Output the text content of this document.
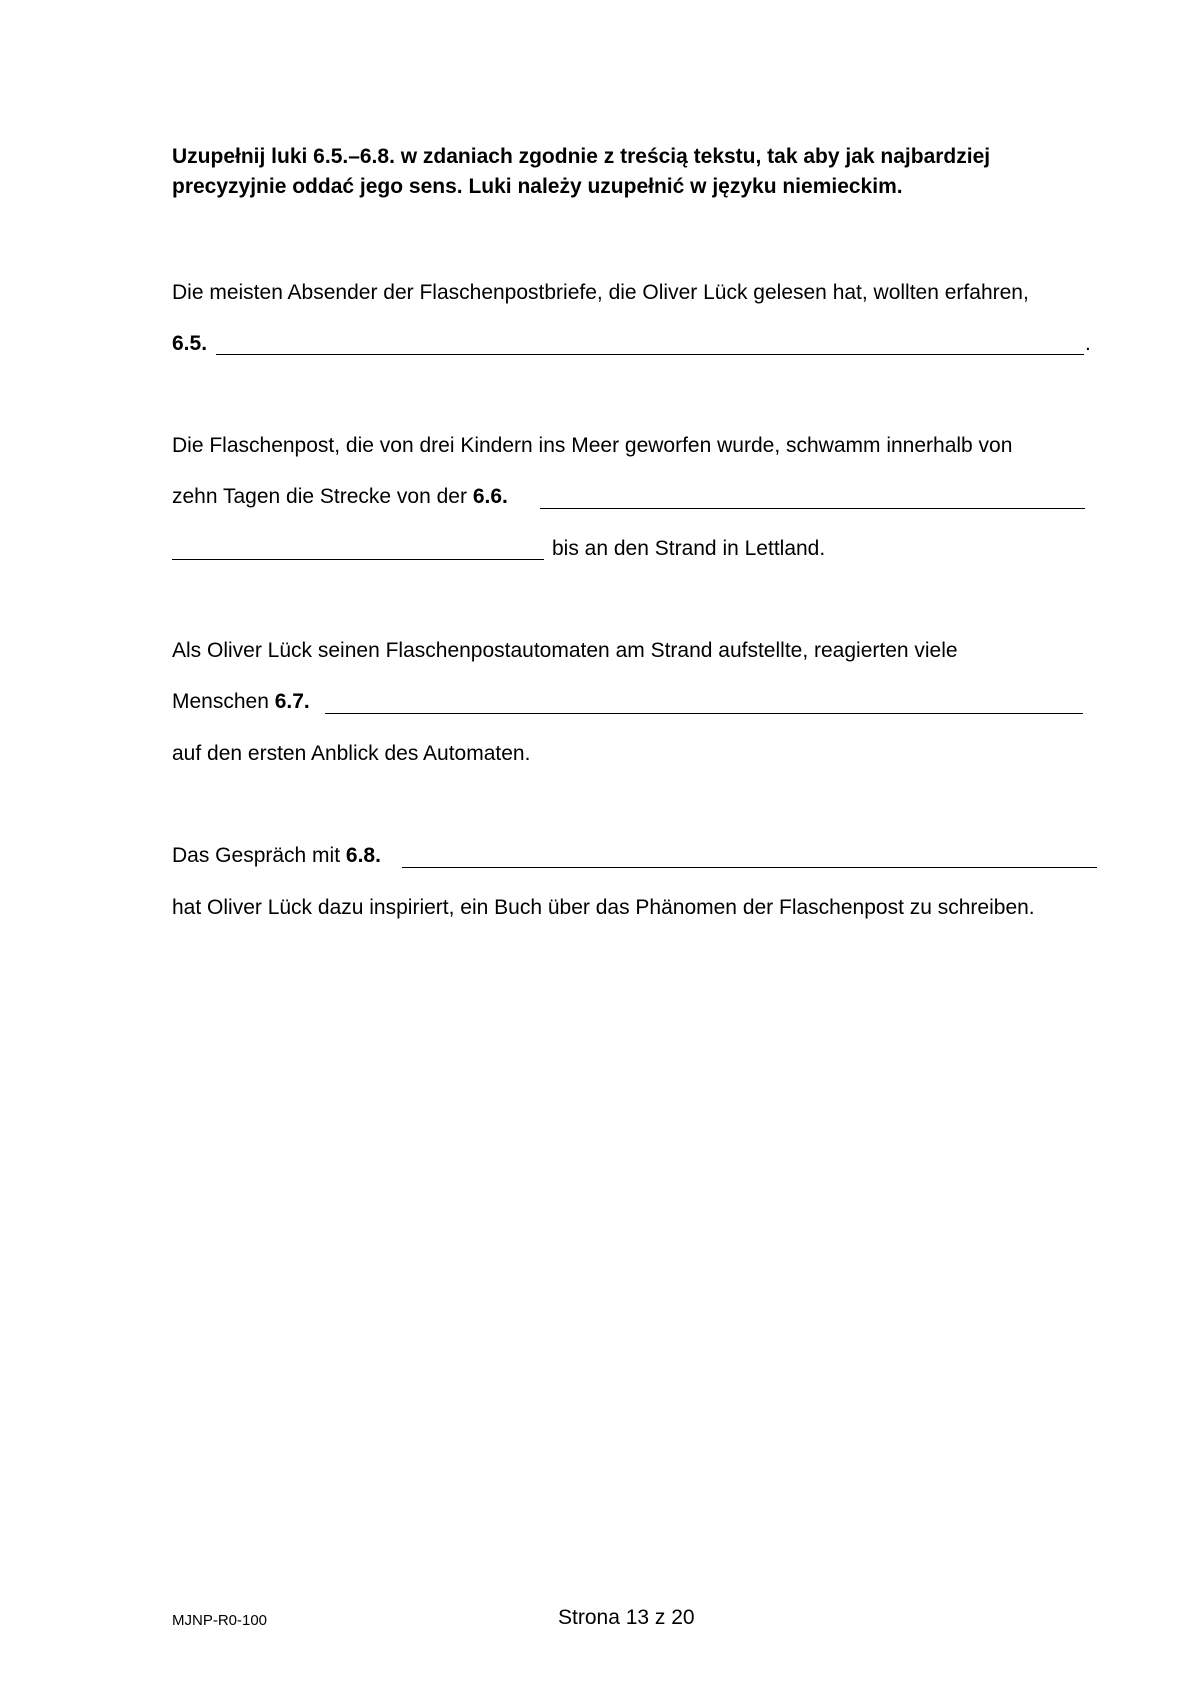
Uzupełnij luki 6.5.–6.8. w zdaniach zgodnie z treścią tekstu, tak aby jak najbardziej
precyzyjnie oddać jego sens. Luki należy uzupełnić w języku niemieckim.
Die meisten Absender der Flaschenpostbriefe, die Oliver Lück gelesen hat, wollten erfahren,
6.5.	.
Die Flaschenpost, die von drei Kindern ins Meer geworfen wurde, schwamm innerhalb von
zehn Tagen die Strecke von der 6.6.
bis an den Strand in Lettland.
Als Oliver Lück seinen Flaschenpostautomaten am Strand aufstellte, reagierten viele
Menschen 6.7.
auf den ersten Anblick des Automaten.
Das Gespräch mit 6.8.
hat Oliver Lück dazu inspiriert, ein Buch über das Phänomen der Flaschenpost zu schreiben.
MJNP-R0-100	Strona 13 z 20
